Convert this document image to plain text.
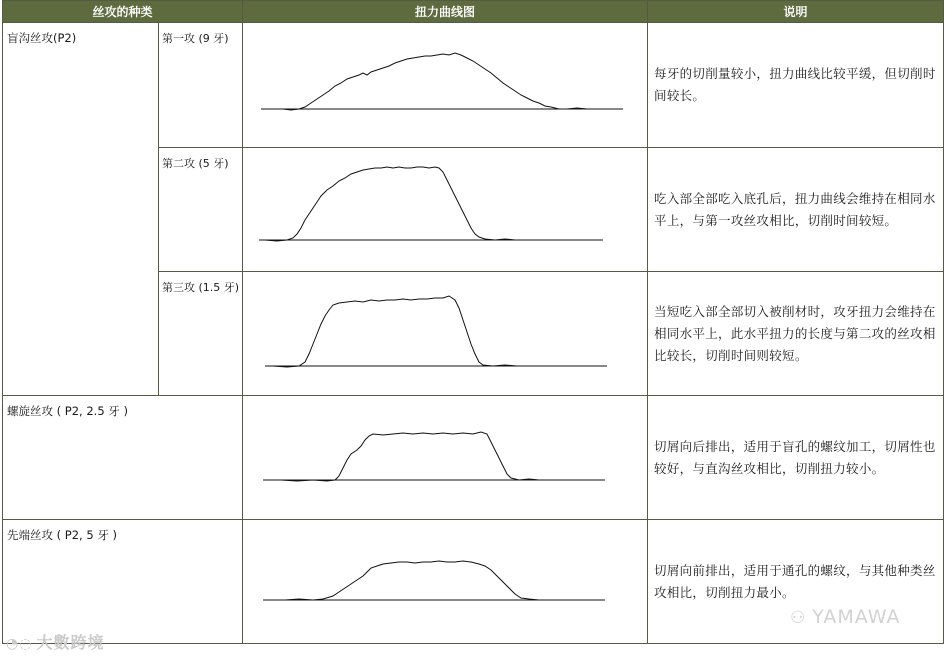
丝攻的种类		扭力曲线图	说明
盲沟丝攻(P2)	第一攻 (9 牙)		每牙的切削量较小，扭力曲线比较平缓，但切削时间较长。
	第二攻 (5 牙)		吃入部全部吃入底孔后，扭力曲线会维持在相同水平上，与第一攻丝攻相比，切削时间较短。
	第三攻 (1.5 牙)		当短吃入部全部切入被削材时，攻牙扭力会维持在相同水平上，此水平扭力的长度与第二攻的丝攻相比较长，切削时间则较短。
螺旋丝攻 ( P2, 2.5 牙 )			切屑向后排出，适用于盲孔的螺纹加工，切屑性也较好，与直沟丝攻相比，切削扭力较小。
先端丝攻 ( P2, 5 牙 )			切屑向前排出，适用于通孔的螺纹，与其他种类丝攻相比，切削扭力最小。
◔◌ 大數跨境
⚇ YAMAWA
